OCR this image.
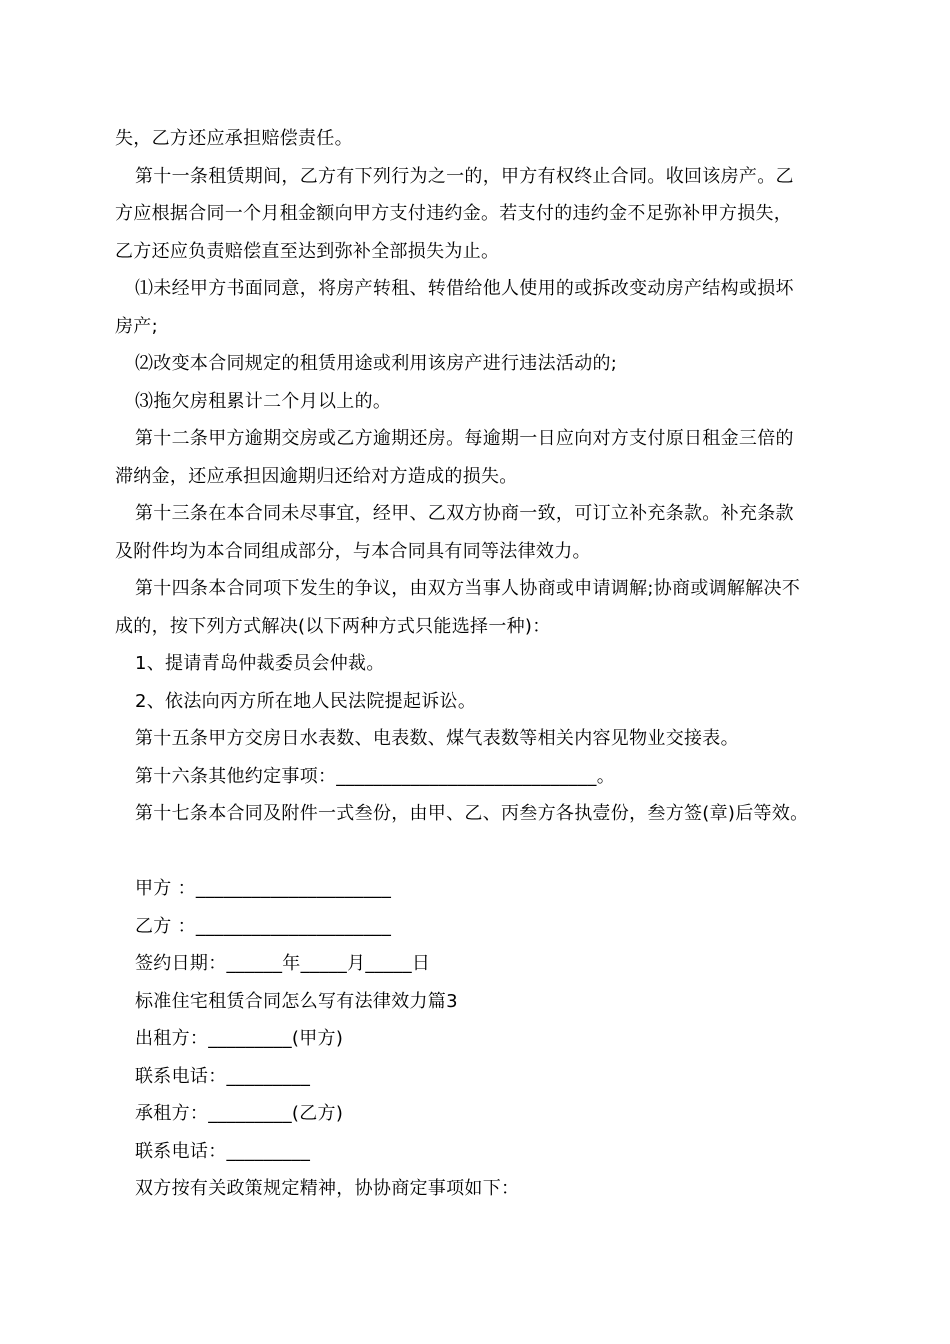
失，乙方还应承担赔偿责任。
第十一条租赁期间，乙方有下列行为之一的，甲方有权终止合同。收回该房产。乙
方应根据合同一个月租金额向甲方支付违约金。若支付的违约金不足弥补甲方损失，
乙方还应负责赔偿直至达到弥补全部损失为止。
⑴未经甲方书面同意，将房产转租、转借给他人使用的或拆改变动房产结构或损坏
房产;
⑵改变本合同规定的租赁用途或利用该房产进行违法活动的;
⑶拖欠房租累计二个月以上的。
第十二条甲方逾期交房或乙方逾期还房。每逾期一日应向对方支付原日租金三倍的
滞纳金，还应承担因逾期归还给对方造成的损失。
第十三条在本合同未尽事宜，经甲、乙双方协商一致，可订立补充条款。补充条款
及附件均为本合同组成部分，与本合同具有同等法律效力。
第十四条本合同项下发生的争议，由双方当事人协商或申请调解;协商或调解解决不
成的，按下列方式解决(以下两种方式只能选择一种)：
1、提请青岛仲裁委员会仲裁。
2、依法向丙方所在地人民法院提起诉讼。
第十五条甲方交房日水表数、电表数、煤气表数等相关内容见物业交接表。
第十六条其他约定事项：____________________________。
第十七条本合同及附件一式叁份，由甲、乙、丙叁方各执壹份，叁方签(章)后等效。
甲方 ：_____________________
乙方 ：_____________________
签约日期：______年_____月_____日
标准住宅租赁合同怎么写有法律效力篇3
出租方：_________(甲方)
联系电话：_________
承租方：_________(乙方)
联系电话：_________
双方按有关政策规定精神，协协商定事项如下：
